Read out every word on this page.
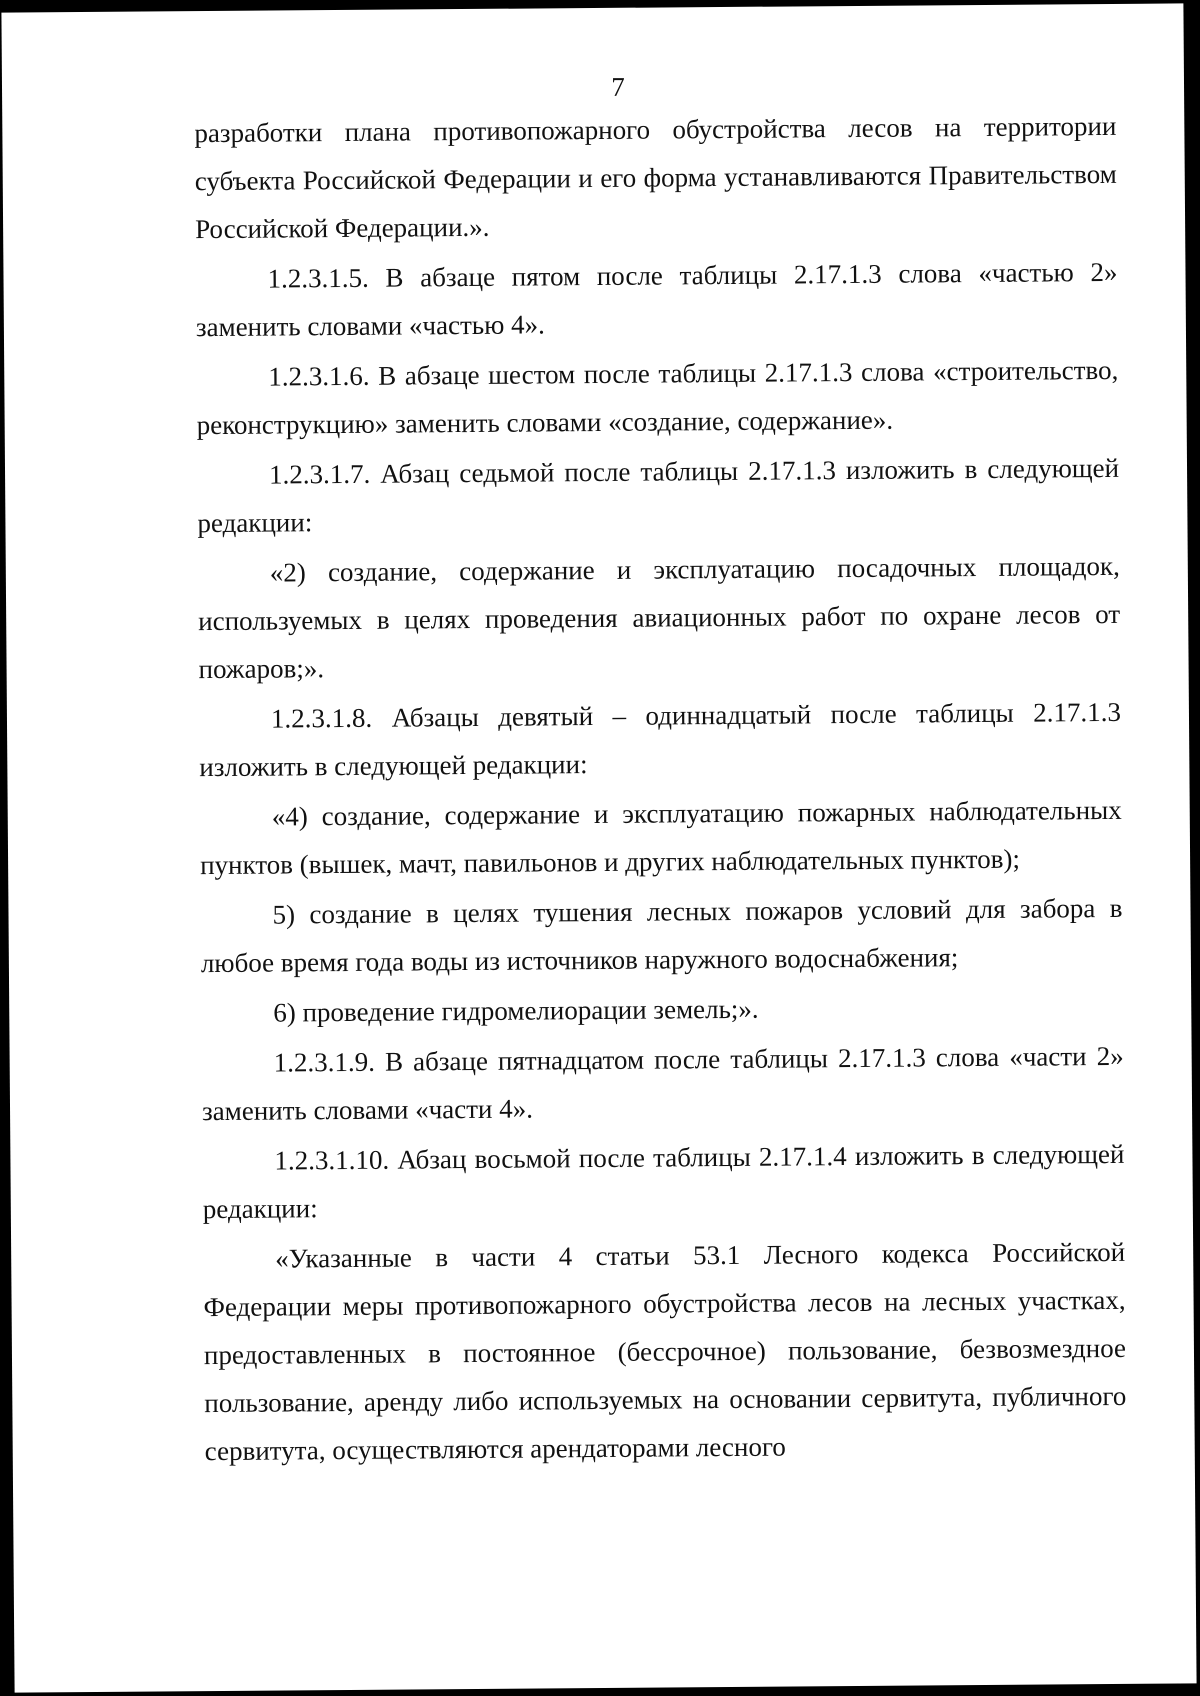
7

разработки плана противопожарного обустройства лесов на территории субъекта Российской Федерации и его форма устанавливаются Правительством Российской Федерации.».

1.2.3.1.5. В абзаце пятом после таблицы 2.17.1.3 слова «частью 2» заменить словами «частью 4».

1.2.3.1.6. В абзаце шестом после таблицы 2.17.1.3 слова «строительство, реконструкцию» заменить словами «создание, содержание».

1.2.3.1.7. Абзац седьмой после таблицы 2.17.1.3 изложить в следующей редакции:

«2) создание, содержание и эксплуатацию посадочных площадок, используемых в целях проведения авиационных работ по охране лесов от пожаров;».

1.2.3.1.8. Абзацы девятый – одиннадцатый после таблицы 2.17.1.3 изложить в следующей редакции:

«4) создание, содержание и эксплуатацию пожарных наблюдательных пунктов (вышек, мачт, павильонов и других наблюдательных пунктов);

5) создание в целях тушения лесных пожаров условий для забора в любое время года воды из источников наружного водоснабжения;

6) проведение гидромелиорации земель;».

1.2.3.1.9. В абзаце пятнадцатом после таблицы 2.17.1.3 слова «части 2» заменить словами «части 4».

1.2.3.1.10. Абзац восьмой после таблицы 2.17.1.4 изложить в следующей редакции:

«Указанные в части 4 статьи 53.1 Лесного кодекса Российской Федерации меры противопожарного обустройства лесов на лесных участках, предоставленных в постоянное (бессрочное) пользование, безвозмездное пользование, аренду либо используемых на основании сервитута, публичного сервитута, осуществляются арендаторами лесного
